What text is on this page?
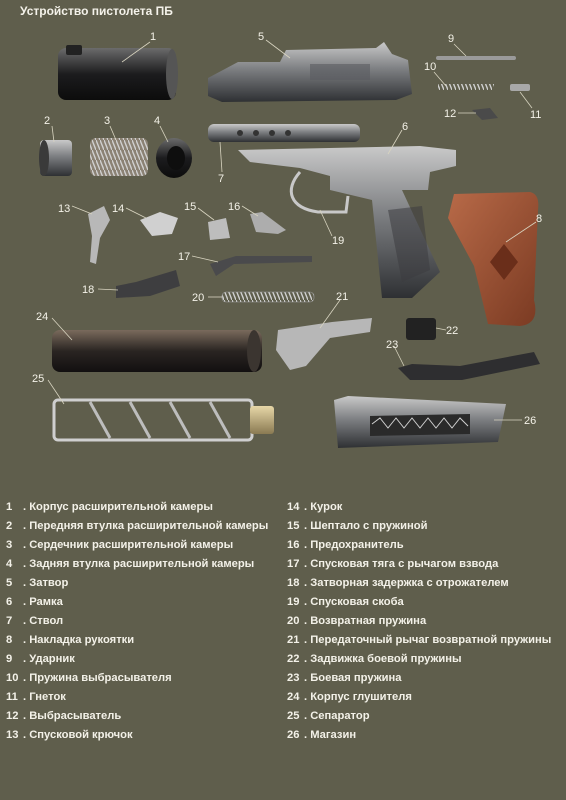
Устройство пистолета ПБ
1
2	3	4
5
6
7
8
9
10
11
12
13	14	15	16
17
18
19
20	21
22
23
24
25
26
1 . Корпус расширительной камеры
2 . Передняя втулка расширительной камеры
3 . Сердечник расширительной камеры
4 . Задняя втулка расширительной камеры
5 . Затвор
6 . Рамка
7 . Ствол
8 . Накладка рукоятки
9 . Ударник
10 . Пружина выбрасывателя
11 . Гнеток
12 . Выбрасыватель
13 . Спусковой крючок
14 . Курок
15 . Шептало с пружиной
16 . Предохранитель
17 . Спусковая тяга с рычагом взвода
18 . Затворная задержка с отрожателем
19 . Спусковая скоба
20 . Возвратная пружина
21 . Передаточный рычаг возвратной пружины
22 . Задвижка боевой пружины
23 . Боевая пружина
24 . Корпус глушителя
25 . Сепаратор
26 . Магазин
